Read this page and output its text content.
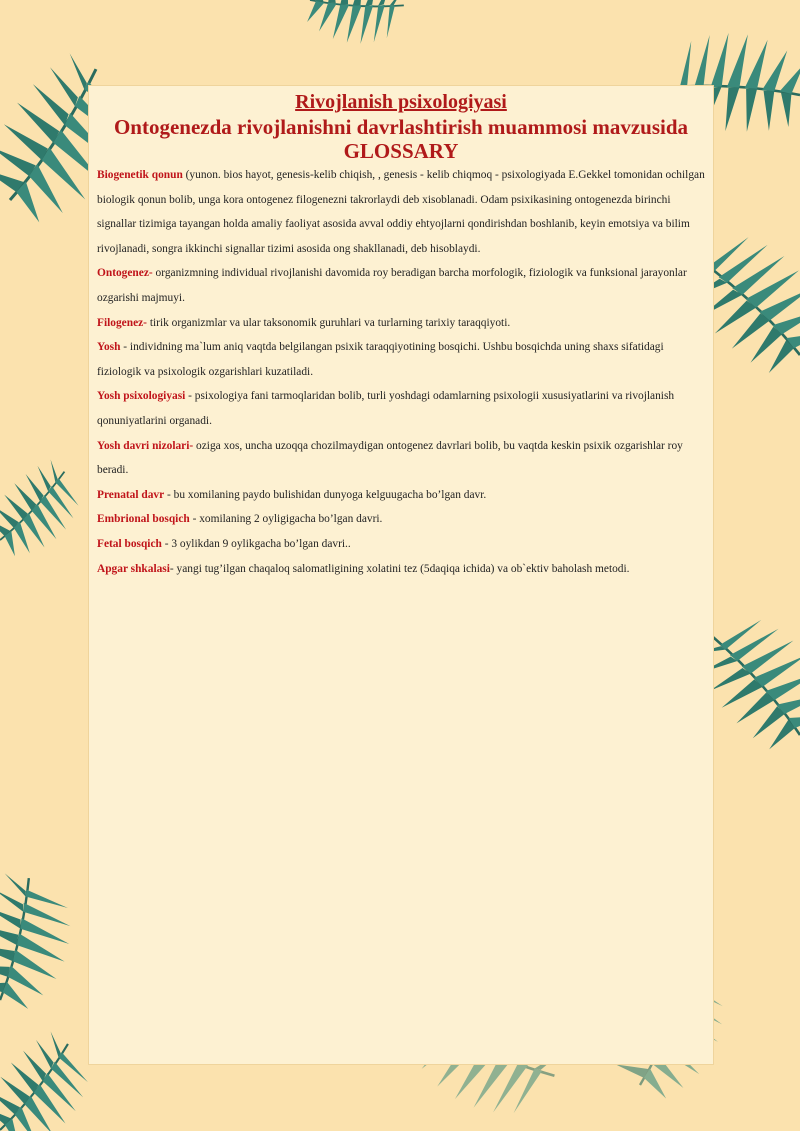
Rivojlanish psixologiyasi
Ontogenezda rivojlanishni davrlashtirish muammosi mavzusida
GLOSSARY

Biogenetik qonun (yunon. bios hayot, genesis-kelib chiqish, , genesis - kelib chiqmoq - psixologiyada E.Gekkel tomonidan ochilgan biologik qonun bolib, unga kora ontogenez filogenezni takrorlaydi deb xisoblanadi. Odam psixikasining ontogenezda birinchi signallar tizimiga tayangan holda amaliy faoliyat asosida avval oddiy ehtyojlarni qondirishdan boshlanib, keyin emotsiya va bilim rivojlanadi, songra ikkinchi signallar tizimi asosida ong shakllanadi, deb hisoblaydi.

Ontogenez- organizmning individual rivojlanishi davomida roy beradigan barcha morfologik, fiziologik va funksional jarayonlar ozgarishi majmuyi.

Filogenez- tirik organizmlar va ular taksonomik guruhlari va turlarning tarixiy taraqqiyoti.

Yosh - individning ma`lum aniq vaqtda belgilangan psixik taraqqiyotining bosqichi. Ushbu bosqichda uning shaxs sifatidagi fiziologik va psixologik ozgarishlari kuzatiladi.

Yosh psixologiyasi - psixologiya fani tarmoqlaridan bolib, turli yoshdagi odamlarning psixologii xususiyatlarini va rivojlanish qonuniyatlarini organadi.

Yosh davri nizolari- oziga xos, uncha uzoqqa chozilmaydigan ontogenez davrlari bolib, bu vaqtda keskin psixik ozgarishlar roy beradi.

Prenatal davr - bu xomilaning paydo bulishidan dunyoga kelguugacha bo’lgan davr.

Embrional bosqich - xomilaning 2 oyligigacha bo’lgan davri.

Fetal bosqich - 3 oylikdan 9 oylikgacha bo’lgan davri..

Apgar shkalasi- yangi tug’ilgan chaqaloq salomatligining xolatini tez (5daqiqa ichida) va ob`ektiv baholash metodi.
